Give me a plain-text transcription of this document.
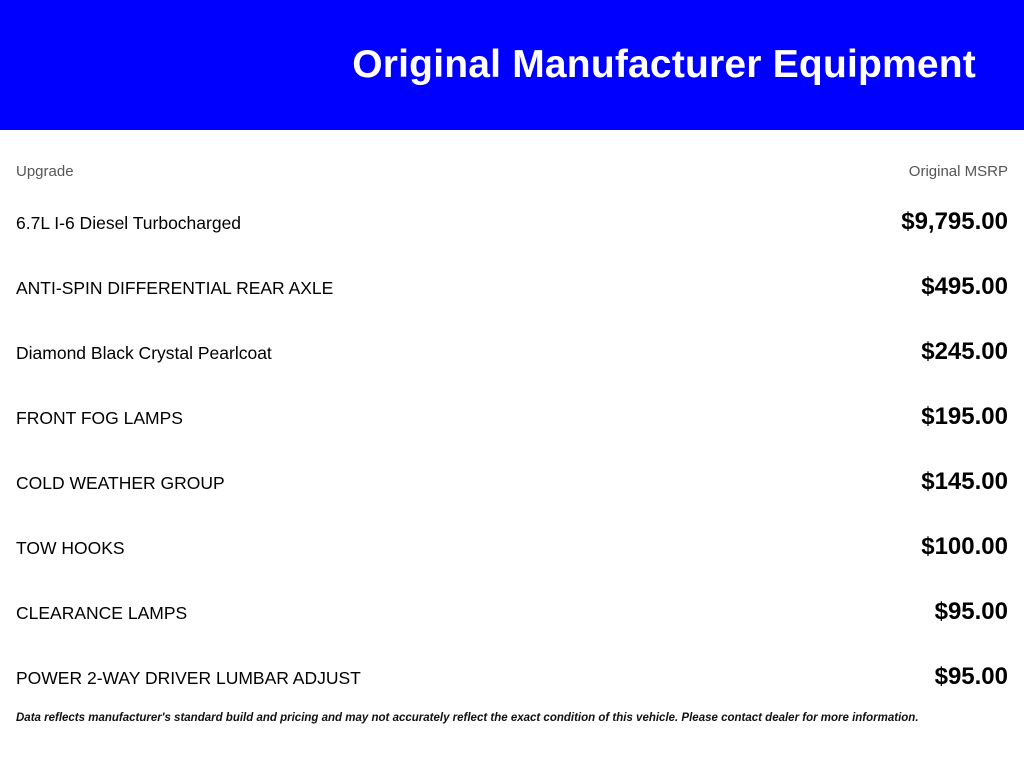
Original Manufacturer Equipment
Upgrade	Original MSRP
6.7L I-6 Diesel Turbocharged	$9,795.00
ANTI-SPIN DIFFERENTIAL REAR AXLE	$495.00
Diamond Black Crystal Pearlcoat	$245.00
FRONT FOG LAMPS	$195.00
COLD WEATHER GROUP	$145.00
TOW HOOKS	$100.00
CLEARANCE LAMPS	$95.00
POWER 2-WAY DRIVER LUMBAR ADJUST	$95.00
Data reflects manufacturer's standard build and pricing and may not accurately reflect the exact condition of this vehicle. Please contact dealer for more information.
